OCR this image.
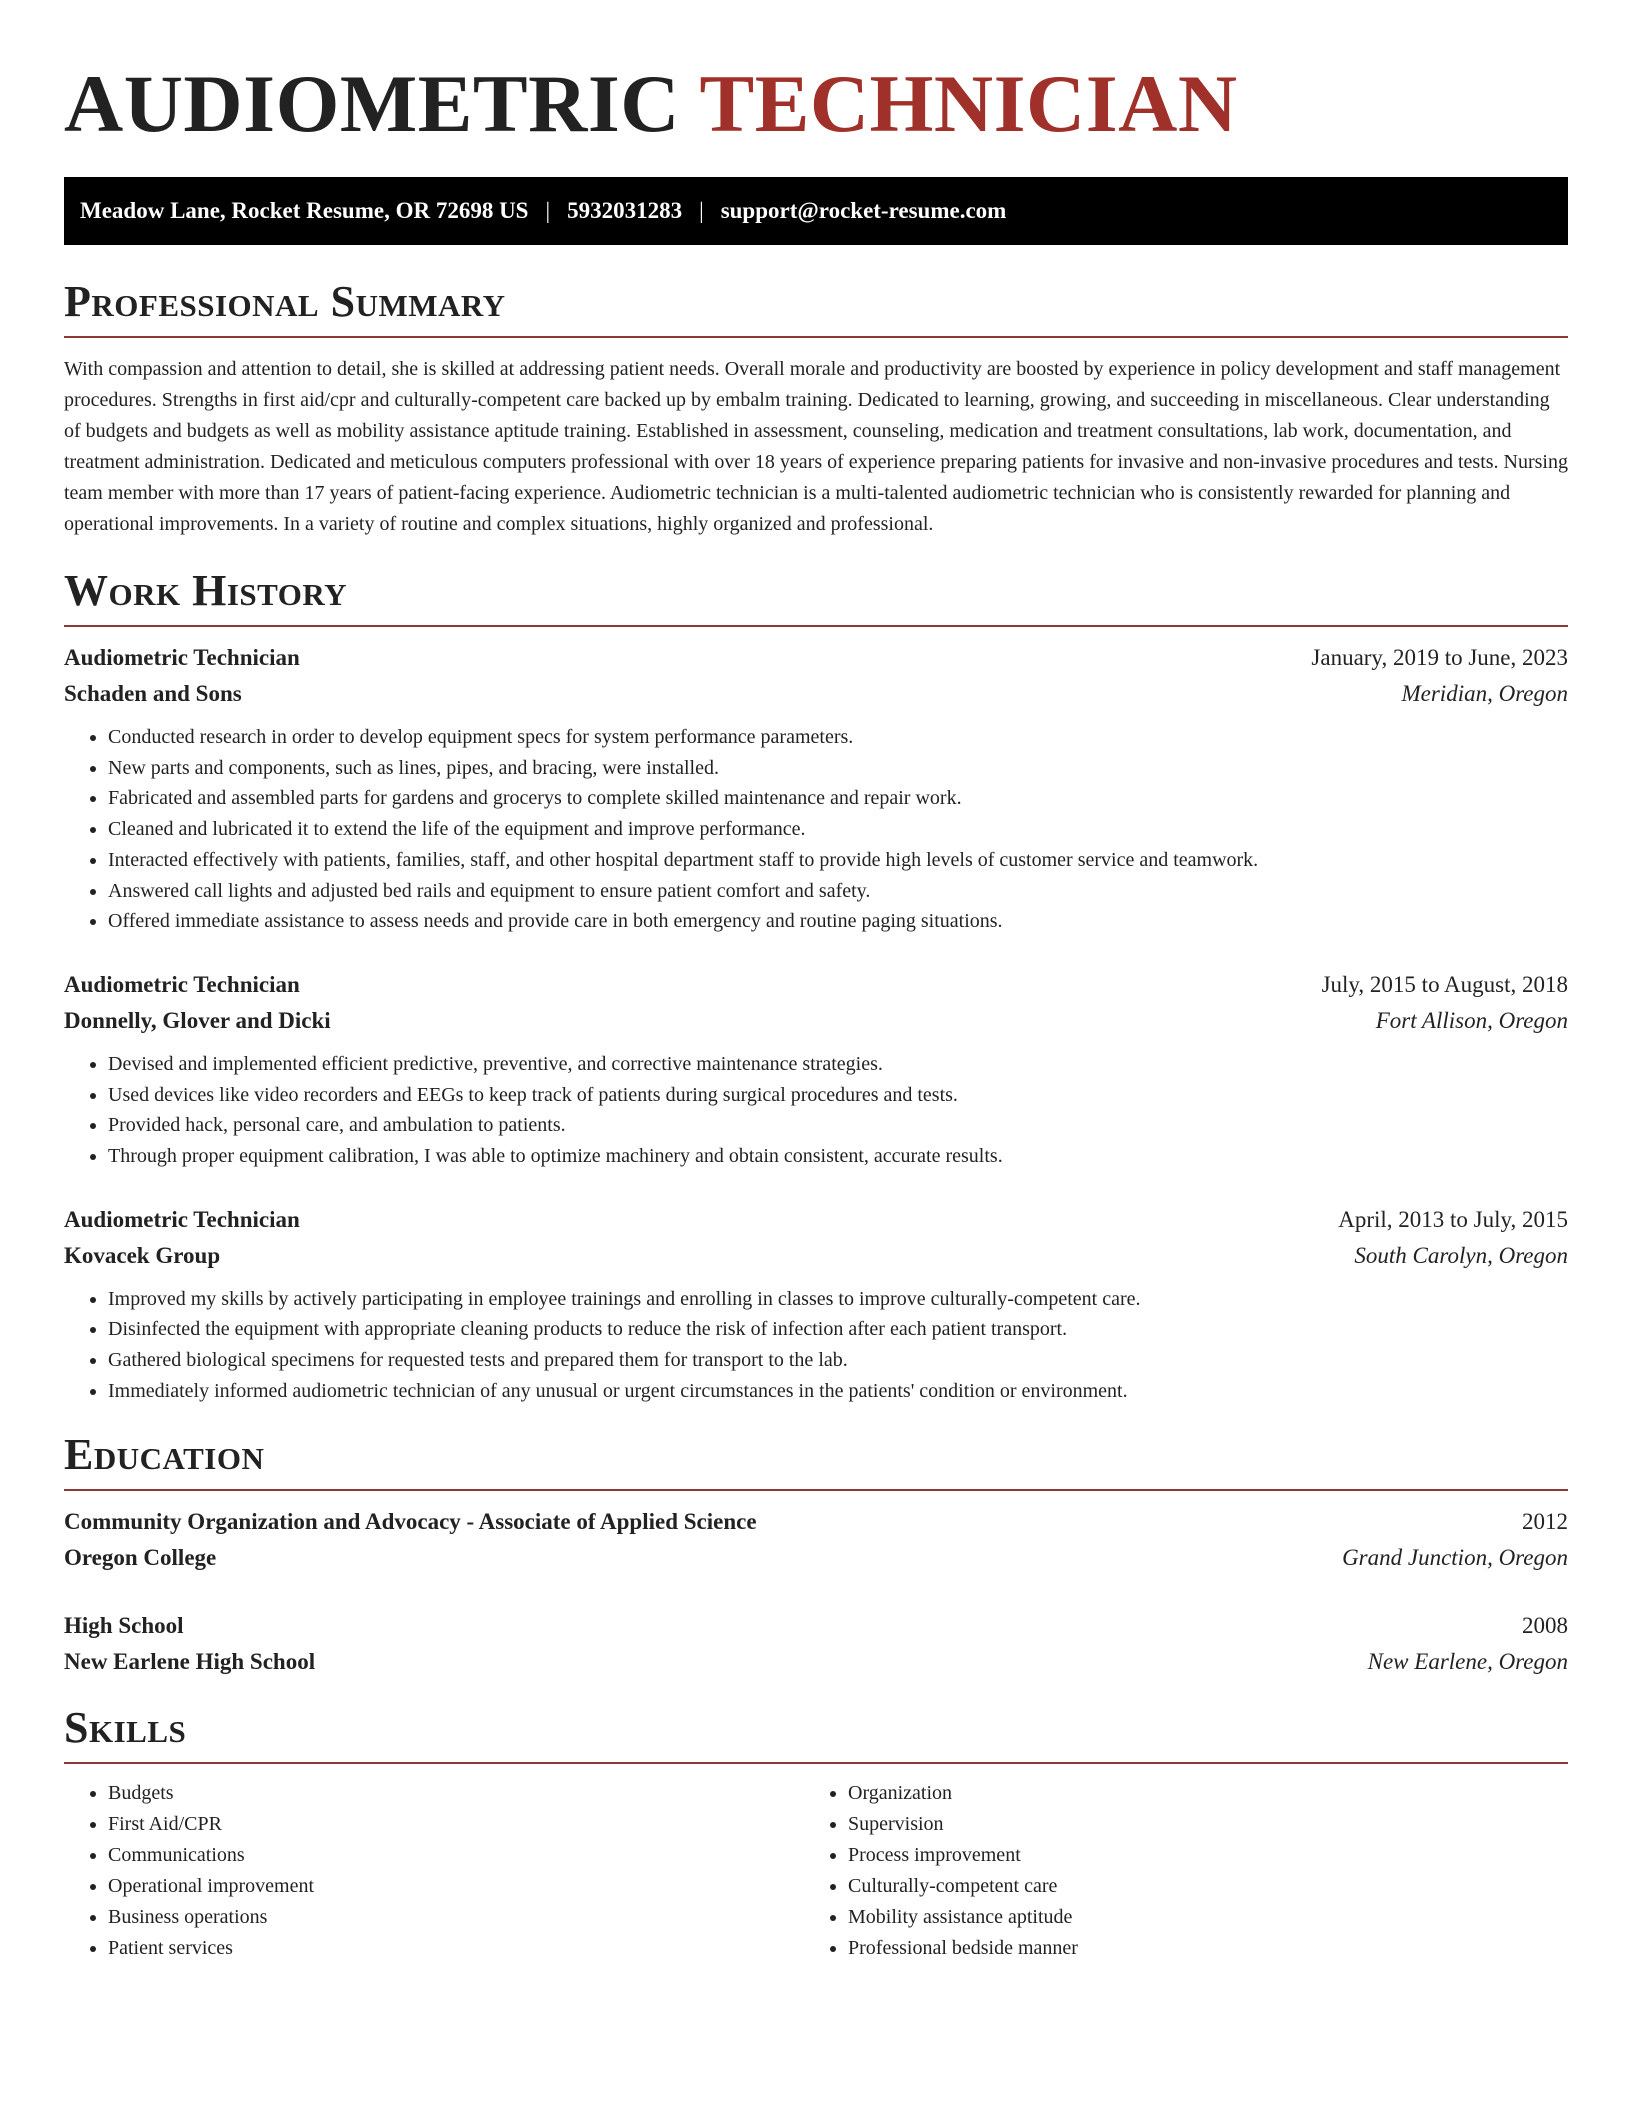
AUDIOMETRIC TECHNICIAN
Meadow Lane, Rocket Resume, OR 72698 US | 5932031283 | support@rocket-resume.com
Professional Summary

With compassion and attention to detail, she is skilled at addressing patient needs. Overall morale and productivity are boosted by experience in policy development and staff management procedures. Strengths in first aid/cpr and culturally-competent care backed up by embalm training. Dedicated to learning, growing, and succeeding in miscellaneous. Clear understanding of budgets and budgets as well as mobility assistance aptitude training. Established in assessment, counseling, medication and treatment consultations, lab work, documentation, and treatment administration. Dedicated and meticulous computers professional with over 18 years of experience preparing patients for invasive and non-invasive procedures and tests. Nursing team member with more than 17 years of patient-facing experience. Audiometric technician is a multi-talented audiometric technician who is consistently rewarded for planning and operational improvements. In a variety of routine and complex situations, highly organized and professional.

Work History
Audiometric Technician	January, 2019 to June, 2023
Schaden and Sons	Meridian, Oregon
• Conducted research in order to develop equipment specs for system performance parameters.
• New parts and components, such as lines, pipes, and bracing, were installed.
• Fabricated and assembled parts for gardens and grocerys to complete skilled maintenance and repair work.
• Cleaned and lubricated it to extend the life of the equipment and improve performance.
• Interacted effectively with patients, families, staff, and other hospital department staff to provide high levels of customer service and teamwork.
• Answered call lights and adjusted bed rails and equipment to ensure patient comfort and safety.
• Offered immediate assistance to assess needs and provide care in both emergency and routine paging situations.
Audiometric Technician	July, 2015 to August, 2018
Donnelly, Glover and Dicki	Fort Allison, Oregon
• Devised and implemented efficient predictive, preventive, and corrective maintenance strategies.
• Used devices like video recorders and EEGs to keep track of patients during surgical procedures and tests.
• Provided hack, personal care, and ambulation to patients.
• Through proper equipment calibration, I was able to optimize machinery and obtain consistent, accurate results.
Audiometric Technician	April, 2013 to July, 2015
Kovacek Group	South Carolyn, Oregon
• Improved my skills by actively participating in employee trainings and enrolling in classes to improve culturally-competent care.
• Disinfected the equipment with appropriate cleaning products to reduce the risk of infection after each patient transport.
• Gathered biological specimens for requested tests and prepared them for transport to the lab.
• Immediately informed audiometric technician of any unusual or urgent circumstances in the patients' condition or environment.
Education
Community Organization and Advocacy - Associate of Applied Science	2012
Oregon College	Grand Junction, Oregon
High School	2008
New Earlene High School	New Earlene, Oregon
Skills
• Budgets
• First Aid/CPR
• Communications
• Operational improvement
• Business operations
• Patient services
• Organization
• Supervision
• Process improvement
• Culturally-competent care
• Mobility assistance aptitude
• Professional bedside manner
